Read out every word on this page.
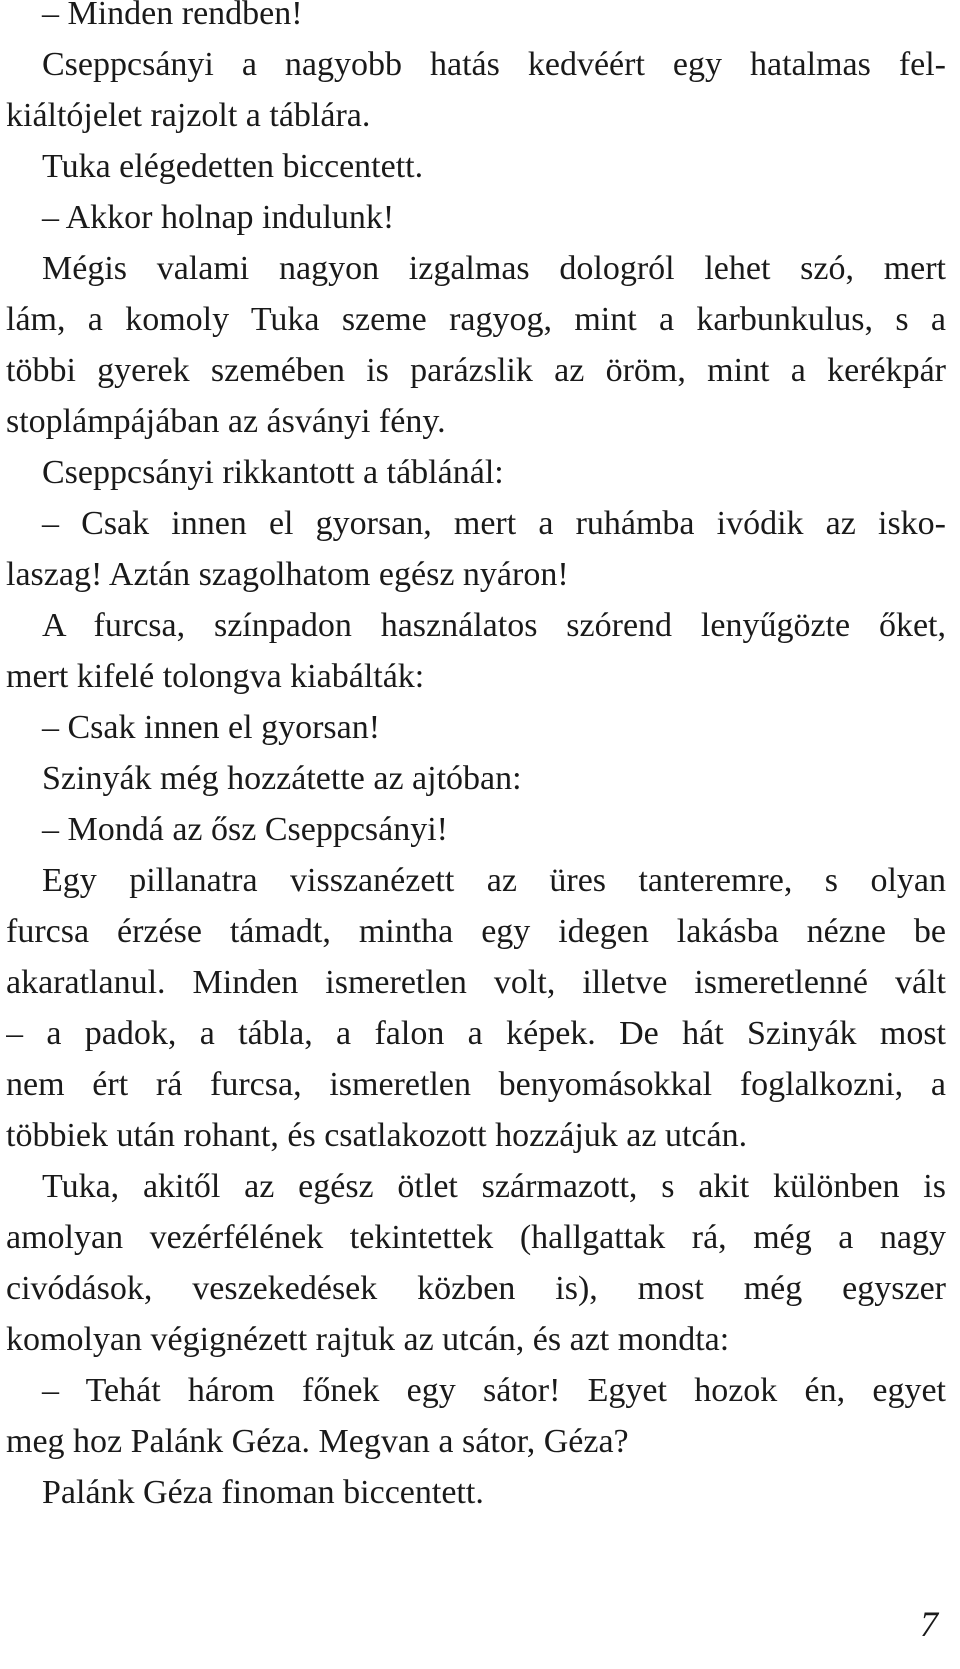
– Minden rendben!
Cseppcsányi a nagyobb hatás kedvéért egy hatalmas fel-
kiáltójelet rajzolt a táblára.
Tuka elégedetten biccentett.
– Akkor holnap indulunk!
Mégis valami nagyon izgalmas dologról lehet szó, mert
lám, a komoly Tuka szeme ragyog, mint a karbunkulus, s a
többi gyerek szemében is parázslik az öröm, mint a kerékpár
stoplámpájában az ásványi fény.
Cseppcsányi rikkantott a táblánál:
– Csak innen el gyorsan, mert a ruhámba ivódik az isko-
laszag! Aztán szagolhatom egész nyáron!
A furcsa, színpadon használatos szórend lenyűgözte őket,
mert kifelé tolongva kiabálták:
– Csak innen el gyorsan!
Szinyák még hozzátette az ajtóban:
– Mondá az ősz Cseppcsányi!
Egy pillanatra visszanézett az üres tanteremre, s olyan
furcsa érzése támadt, mintha egy idegen lakásba nézne be
akaratlanul. Minden ismeretlen volt, illetve ismeretlenné vált
– a padok, a tábla, a falon a képek. De hát Szinyák most
nem ért rá furcsa, ismeretlen benyomásokkal foglalkozni, a
többiek után rohant, és csatlakozott hozzájuk az utcán.
Tuka, akitől az egész ötlet származott, s akit különben is
amolyan vezérfélének tekintettek (hallgattak rá, még a nagy
civódások, veszekedések közben is), most még egyszer
komolyan végignézett rajtuk az utcán, és azt mondta:
– Tehát három főnek egy sátor! Egyet hozok én, egyet
meg hoz Palánk Géza. Megvan a sátor, Géza?
Palánk Géza finoman biccentett.
7
